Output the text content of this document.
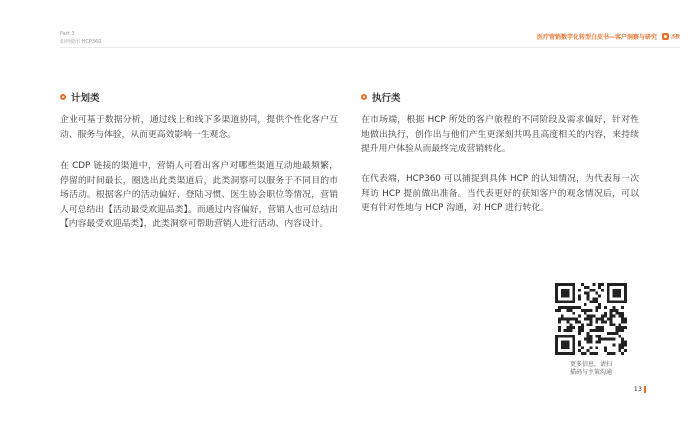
Part 3
如何使用 HCP360
医疗营销数字化转型白皮书—客户洞察与研究	杰数
计划类

企业可基于数据分析，通过线上和线下多渠道协同，提供个性化客户互动、服务与体验，从而更高效影响一生观念。

在 CDP 链接的渠道中，营销人可看出客户对哪些渠道互动地最频繁，停留的时间最长，圈选出此类渠道后，此类洞察可以服务于不同目的市场活动。根据客户的活动偏好、登陆习惯、医生协会职位等情况，营销人可总结出【活动最受欢迎品类】。而通过内容偏好，营销人也可总结出【内容最受欢迎品类】，此类洞察可帮助营销人进行活动、内容设计。

执行类

在市场端，根据 HCP 所处的客户旅程的不同阶段及需求偏好，针对性地做出执行，创作出与他们产生更深刻共鸣且高度相关的内容，来持续提升用户体验从而最终完成营销转化。

在代表端，HCP360 可以捕捉到具体 HCP 的认知情况，为代表每一次拜访 HCP 提前做出准备。当代表更好的获知客户的观念情况后，可以更有针对性地与 HCP 沟通，对 HCP 进行转化。

更多信息，请扫
描码与主策沟通
13
